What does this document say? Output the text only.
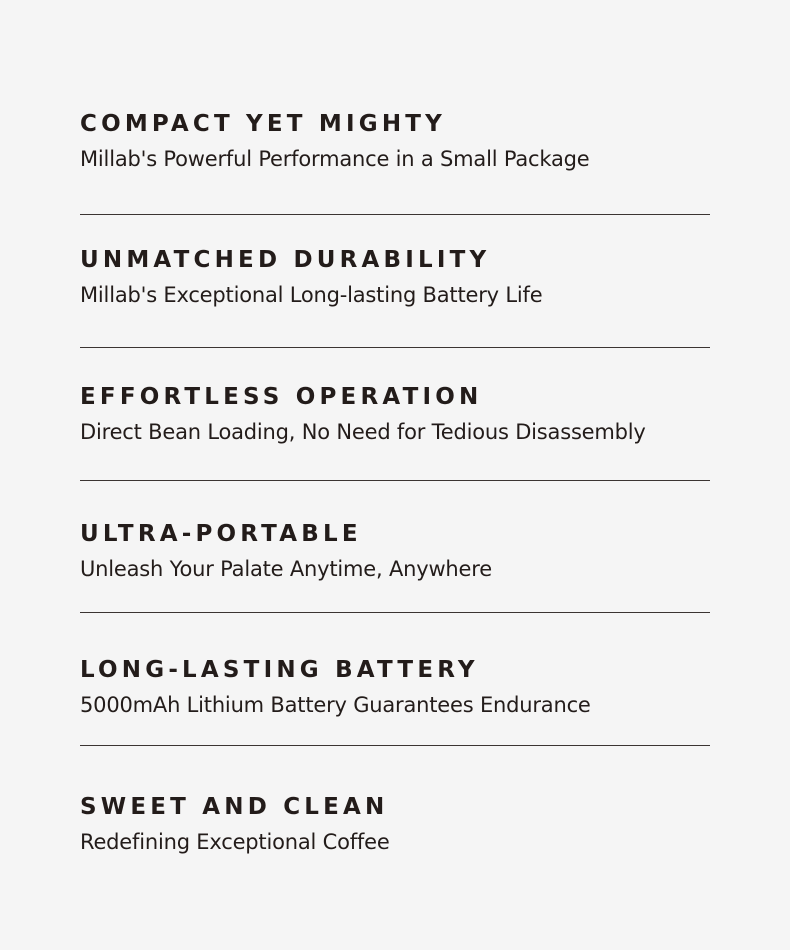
COMPACT YET MIGHTY

Millab's Powerful Performance in a Small Package

UNMATCHED DURABILITY

Millab's Exceptional Long-lasting Battery Life

EFFORTLESS OPERATION

Direct Bean Loading, No Need for Tedious Disassembly

ULTRA-PORTABLE

Unleash Your Palate Anytime, Anywhere

LONG-LASTING BATTERY

5000mAh Lithium Battery Guarantees Endurance

SWEET AND CLEAN

Redefining Exceptional Coffee
